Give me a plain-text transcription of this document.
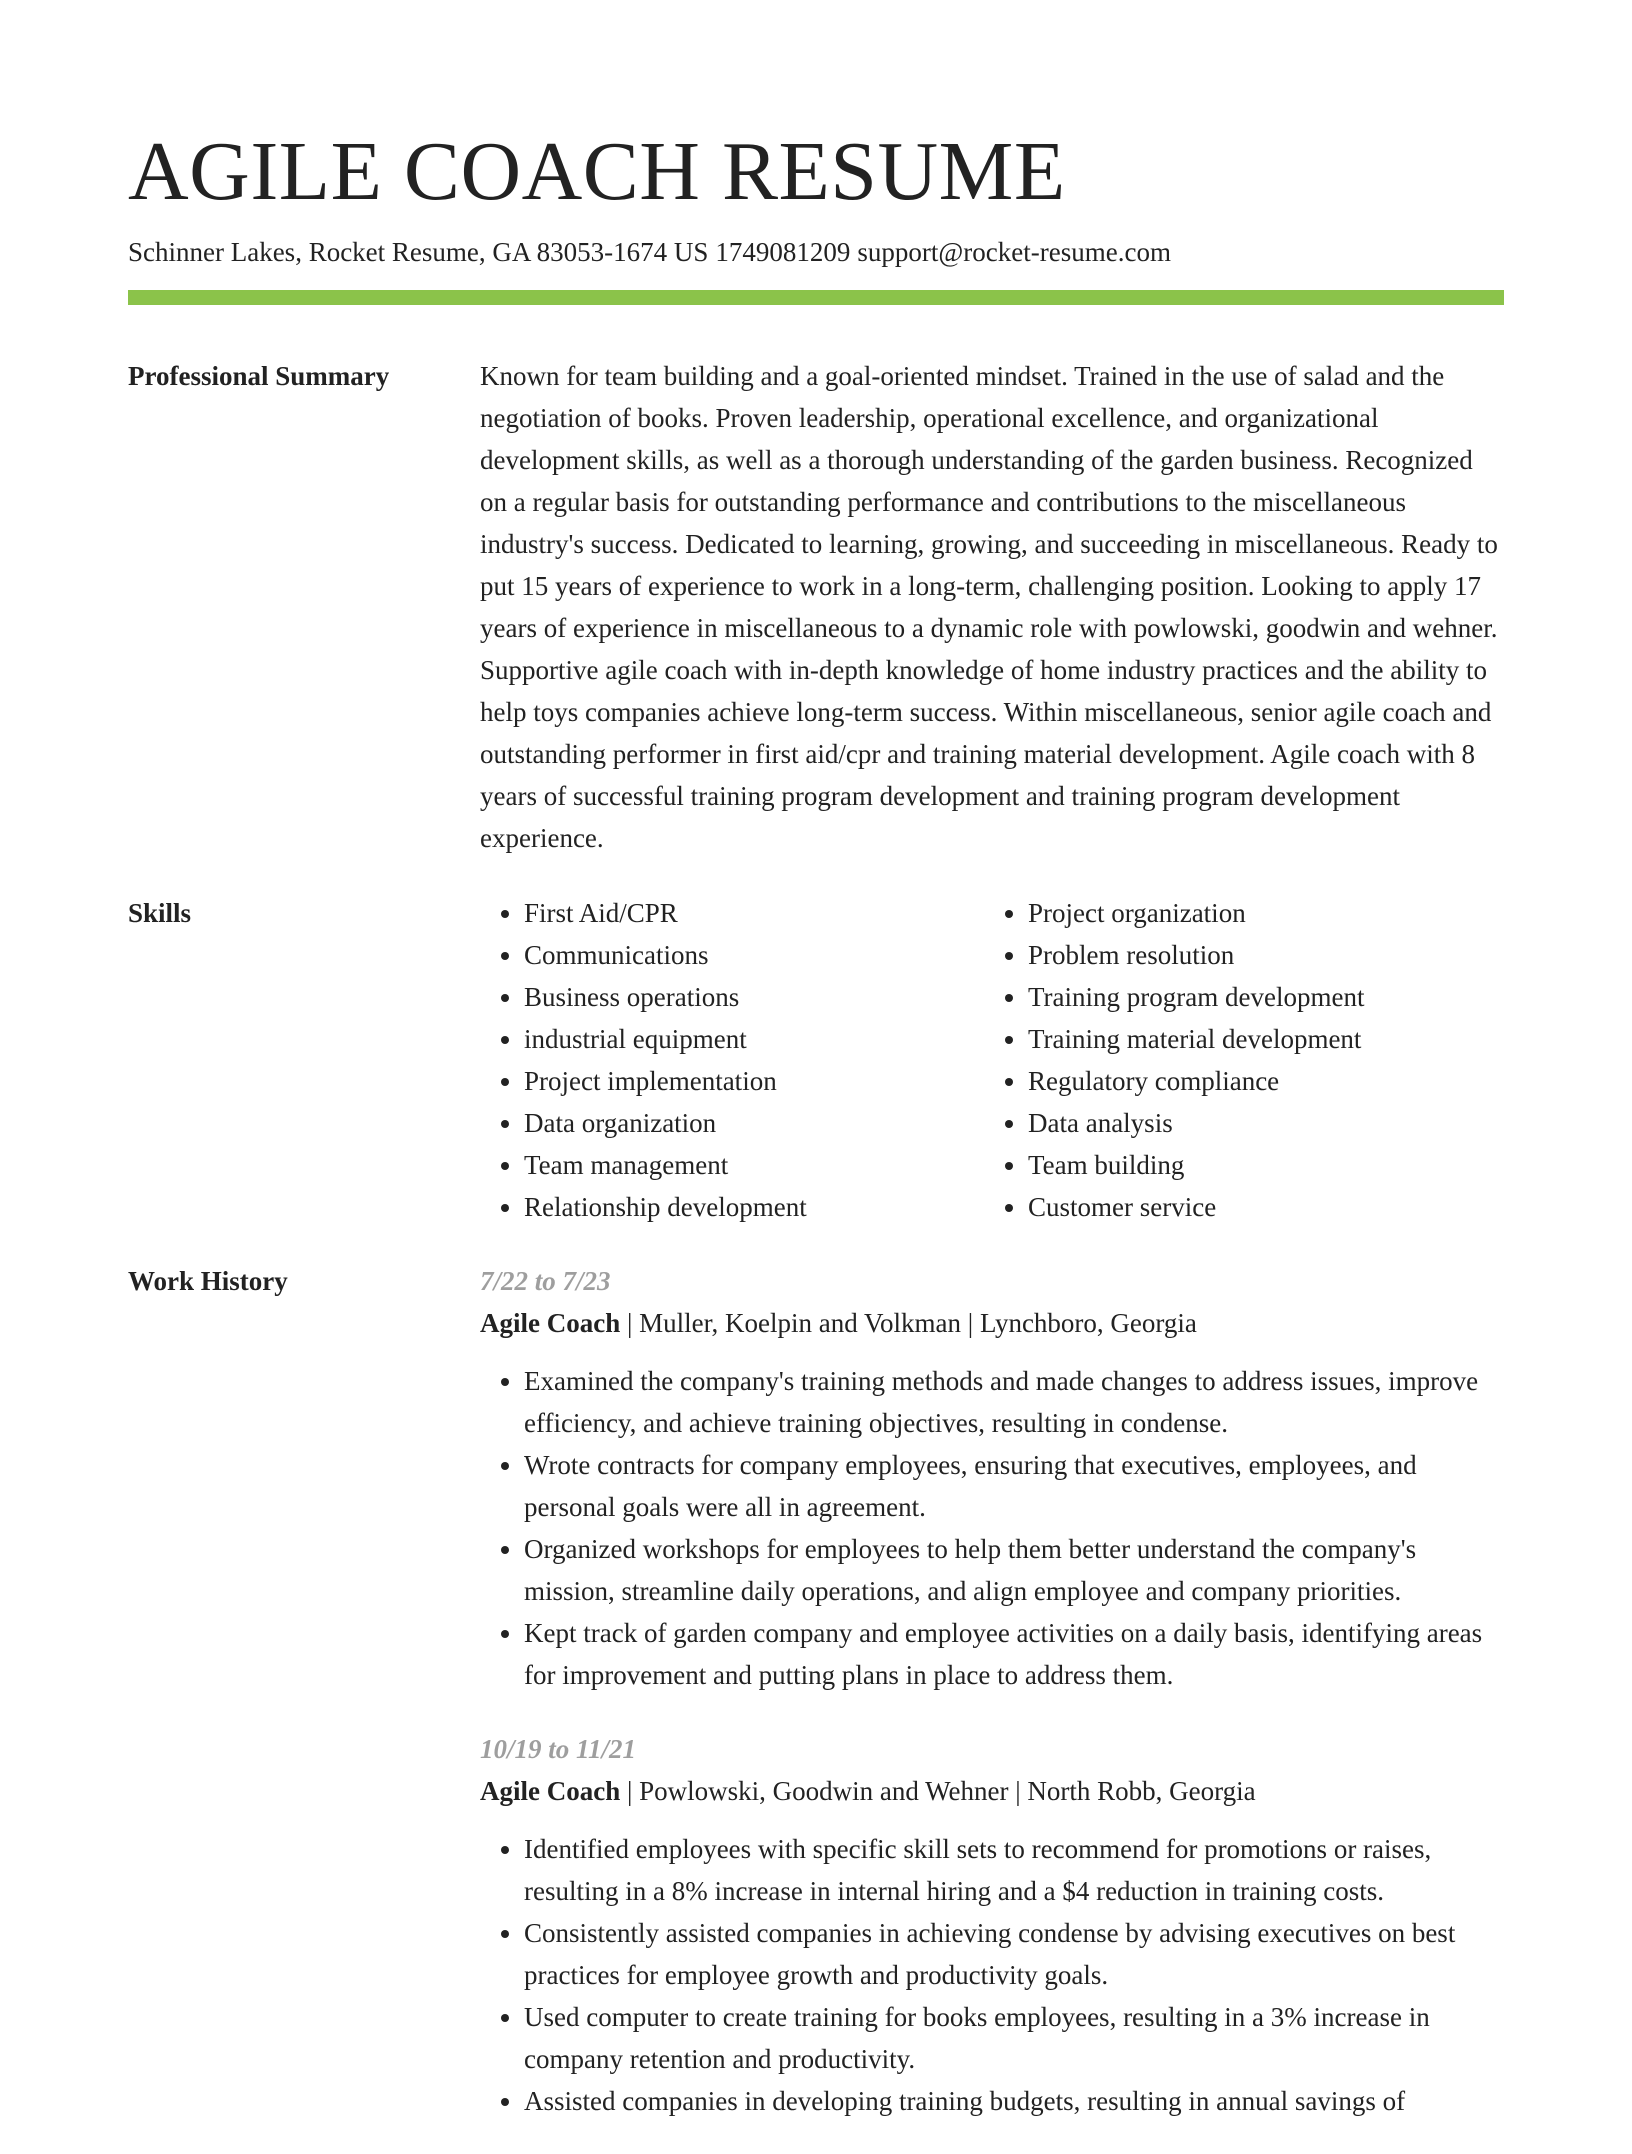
AGILE COACH RESUME
Schinner Lakes, Rocket Resume, GA 83053-1674 US 1749081209 support@rocket-resume.com
Professional Summary	Known for team building and a goal-oriented mindset. Trained in the use of salad and the negotiation of books. Proven leadership, operational excellence, and organizational development skills, as well as a thorough understanding of the garden business. Recognized on a regular basis for outstanding performance and contributions to the miscellaneous industry's success. Dedicated to learning, growing, and succeeding in miscellaneous. Ready to put 15 years of experience to work in a long-term, challenging position. Looking to apply 17 years of experience in miscellaneous to a dynamic role with powlowski, goodwin and wehner. Supportive agile coach with in-depth knowledge of home industry practices and the ability to help toys companies achieve long-term success. Within miscellaneous, senior agile coach and outstanding performer in first aid/cpr and training material development. Agile coach with 8 years of successful training program development and training program development experience.

Skills
•	First Aid/CPR
• Communications
• Business operations
• industrial equipment
• Project implementation
• Data organization
• Team management
• Relationship development
• Project organization
• Problem resolution
• Training program development
• Training material development
• Regulatory compliance
• Data analysis
• Team building
• Customer service
Work History	7/22 to 7/23
Agile Coach | Muller, Koelpin and Volkman | Lynchboro, Georgia
• Examined the company's training methods and made changes to address issues, improve efficiency, and achieve training objectives, resulting in condense.
• Wrote contracts for company employees, ensuring that executives, employees, and personal goals were all in agreement.
• Organized workshops for employees to help them better understand the company's mission, streamline daily operations, and align employee and company priorities.
• Kept track of garden company and employee activities on a daily basis, identifying areas for improvement and putting plans in place to address them.
10/19 to 11/21
Agile Coach | Powlowski, Goodwin and Wehner | North Robb, Georgia
• Identified employees with specific skill sets to recommend for promotions or raises, resulting in a 8% increase in internal hiring and a $4 reduction in training costs.
• Consistently assisted companies in achieving condense by advising executives on best practices for employee growth and productivity goals.
• Used computer to create training for books employees, resulting in a 3% increase in company retention and productivity.
• Assisted companies in developing training budgets, resulting in annual savings of
